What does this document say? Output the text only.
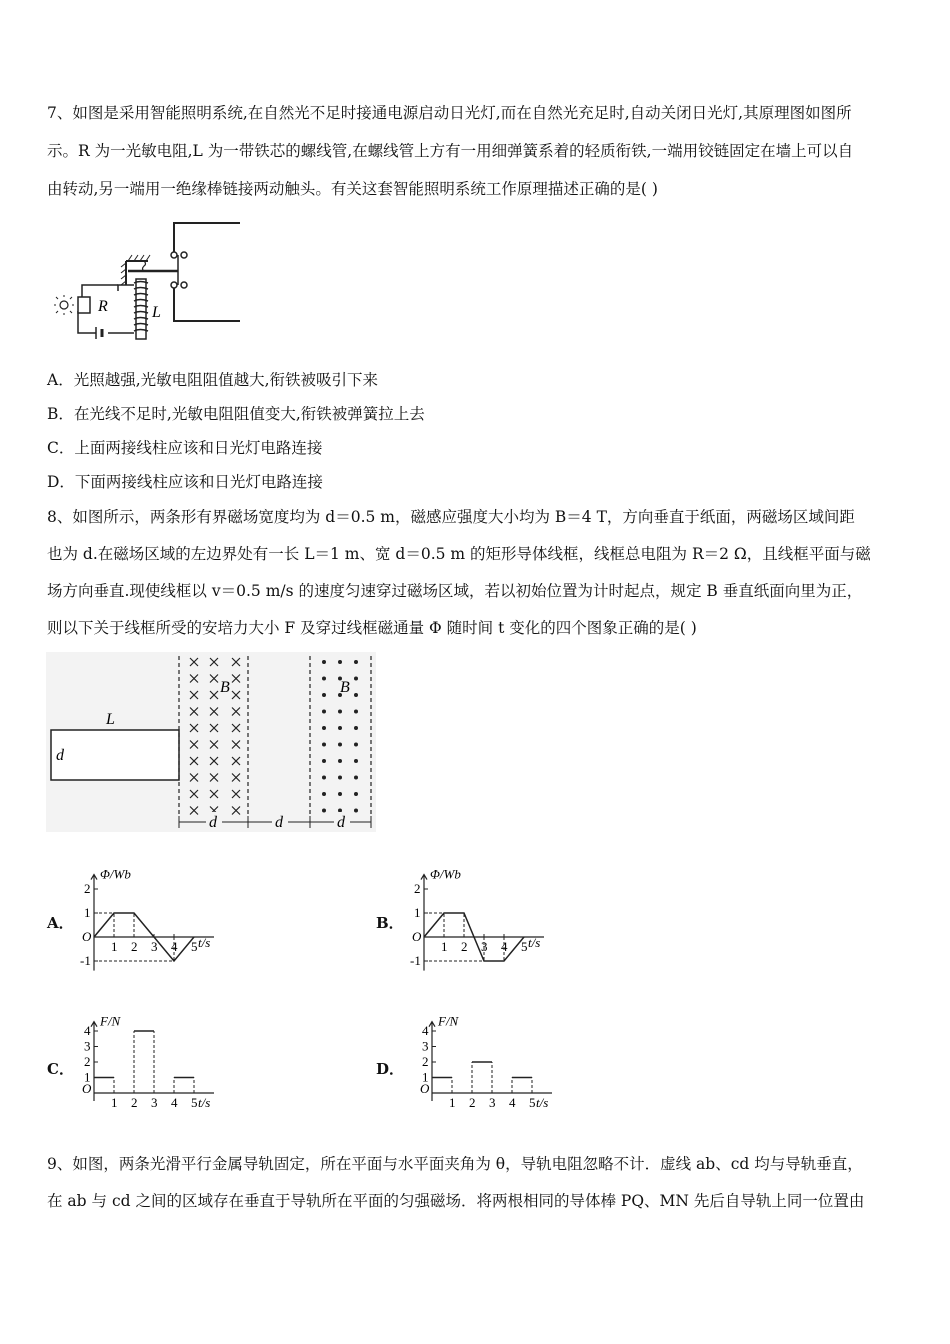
7、如图是采用智能照明系统,在自然光不足时接通电源启动日光灯,而在自然光充足时,自动关闭日光灯,其原理图如图所
示。R 为一光敏电阻,L 为一带铁芯的螺线管,在螺线管上方有一用细弹簧系着的轻质衔铁,一端用铰链固定在墙上可以自
由转动,另一端用一绝缘棒链接两动触头。有关这套智能照明系统工作原理描述正确的是( )
R	L
A．光照越强,光敏电阻阻值越大,衔铁被吸引下来
B．在光线不足时,光敏电阻阻值变大,衔铁被弹簧拉上去
C．上面两接线柱应该和日光灯电路连接
D．下面两接线柱应该和日光灯电路连接
8、如图所示，两条形有界磁场宽度均为 d＝0.5 m，磁感应强度大小均为 B＝4 T，方向垂直于纸面，两磁场区域间距
也为 d.在磁场区域的左边界处有一长 L＝1 m、宽 d＝0.5 m 的矩形导体线框，线框总电阻为 R＝2 Ω，且线框平面与磁
场方向垂直.现使线框以 v＝0.5 m/s 的速度匀速穿过磁场区域，若以初始位置为计时起点，规定 B 垂直纸面向里为正，
则以下关于线框所受的安培力大小 F 及穿过线框磁通量 Φ 随时间 t 变化的四个图象正确的是( )
L
d
B	B
d	d	d
A．	B．
C．	D．
Φ/Wb
t/s
O
2
1
-1
1 2 3 4 5
Φ/Wb
t/s
O
2
1
-1
1 2 3 4 5
F/N
t/s
O
4
3
2
1
1 2 3 4 5
F/N
t/s
O
4
3
2
1
1 2 3 4 5
9、如图，两条光滑平行金属导轨固定，所在平面与水平面夹角为 θ，导轨电阻忽略不计．虚线 ab、cd 均与导轨垂直，
在 ab 与 cd 之间的区域存在垂直于导轨所在平面的匀强磁场．将两根相同的导体棒 PQ、MN 先后自导轨上同一位置由
